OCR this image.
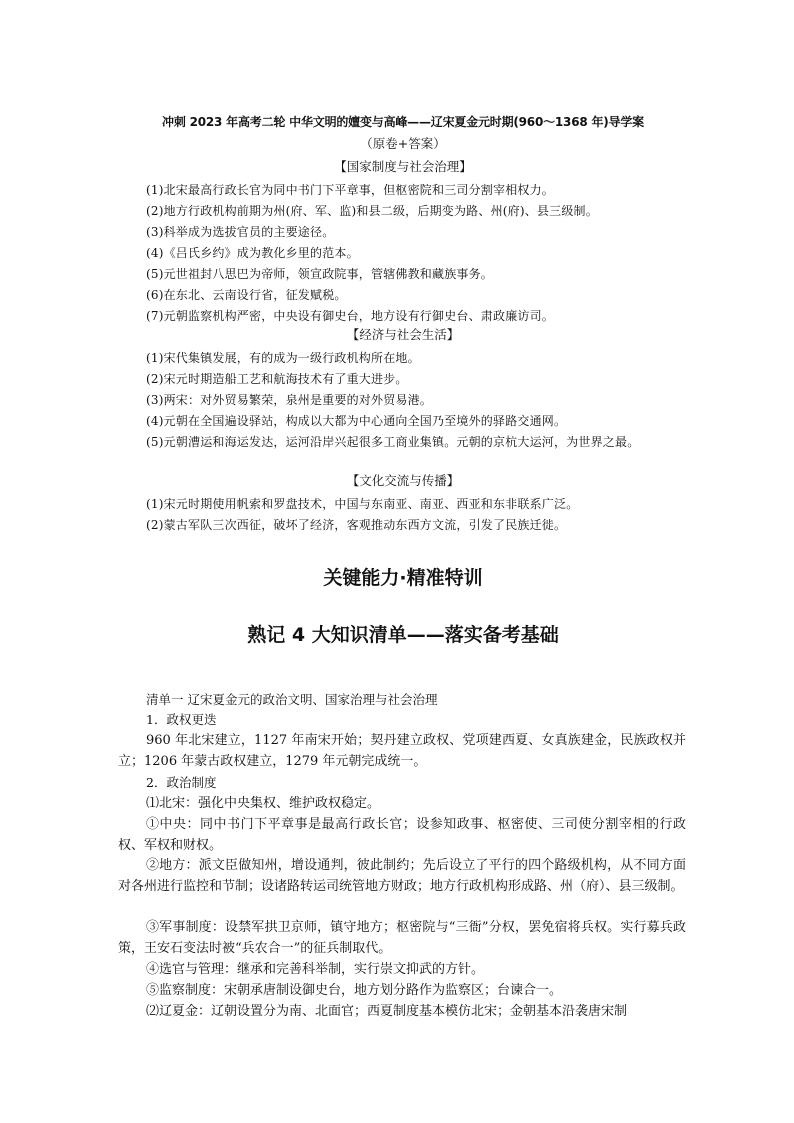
冲刺 2023 年高考二轮 中华文明的嬗变与高峰——辽宋夏金元时期(960～1368 年)导学案
（原卷+答案）
【国家制度与社会治理】
(1)北宋最高行政长官为同中书门下平章事，但枢密院和三司分割宰相权力。
(2)地方行政机构前期为州(府、军、监)和县二级，后期变为路、州(府)、县三级制。
(3)科举成为选拔官员的主要途径。
(4)《吕氏乡约》成为教化乡里的范本。
(5)元世祖封八思巴为帝师，领宣政院事，管辖佛教和藏族事务。
(6)在东北、云南设行省，征发赋税。
(7)元朝监察机构严密，中央设有御史台，地方设有行御史台、肃政廉访司。
【经济与社会生活】
(1)宋代集镇发展，有的成为一级行政机构所在地。
(2)宋元时期造船工艺和航海技术有了重大进步。
(3)两宋：对外贸易繁荣，泉州是重要的对外贸易港。
(4)元朝在全国遍设驿站，构成以大都为中心通向全国乃至境外的驿路交通网。
(5)元朝漕运和海运发达，运河沿岸兴起很多工商业集镇。元朝的京杭大运河，为世界之最。
【文化交流与传播】
(1)宋元时期使用帆索和罗盘技术，中国与东南亚、南亚、西亚和东非联系广泛。
(2)蒙古军队三次西征，破坏了经济，客观推动东西方文流，引发了民族迁徙。
关键能力·精准特训
熟记 4 大知识清单——落实备考基础
清单一 辽宋夏金元的政治文明、国家治理与社会治理
1．政权更迭
960 年北宋建立，1127 年南宋开始；契丹建立政权、党项建西夏、女真族建金，民族政权并立；1206 年蒙古政权建立，1279 年元朝完成统一。
2．政治制度
⑴北宋：强化中央集权、维护政权稳定。
①中央：同中书门下平章事是最高行政长官；设参知政事、枢密使、三司使分割宰相的行政权、军权和财权。
②地方：派文臣做知州，增设通判，彼此制约；先后设立了平行的四个路级机构，从不同方面对各州进行监控和节制；设诸路转运司统管地方财政；地方行政机构形成路、州（府）、县三级制。
③军事制度：设禁军拱卫京师，镇守地方；枢密院与“三衙”分权，罢免宿将兵权。实行募兵政策，王安石变法时被“兵农合一”的征兵制取代。
④选官与管理：继承和完善科举制，实行崇文抑武的方针。
⑤监察制度：宋朝承唐制设御史台，地方划分路作为监察区；台谏合一。
⑵辽夏金：辽朝设置分为南、北面官；西夏制度基本模仿北宋；金朝基本沿袭唐宋制
